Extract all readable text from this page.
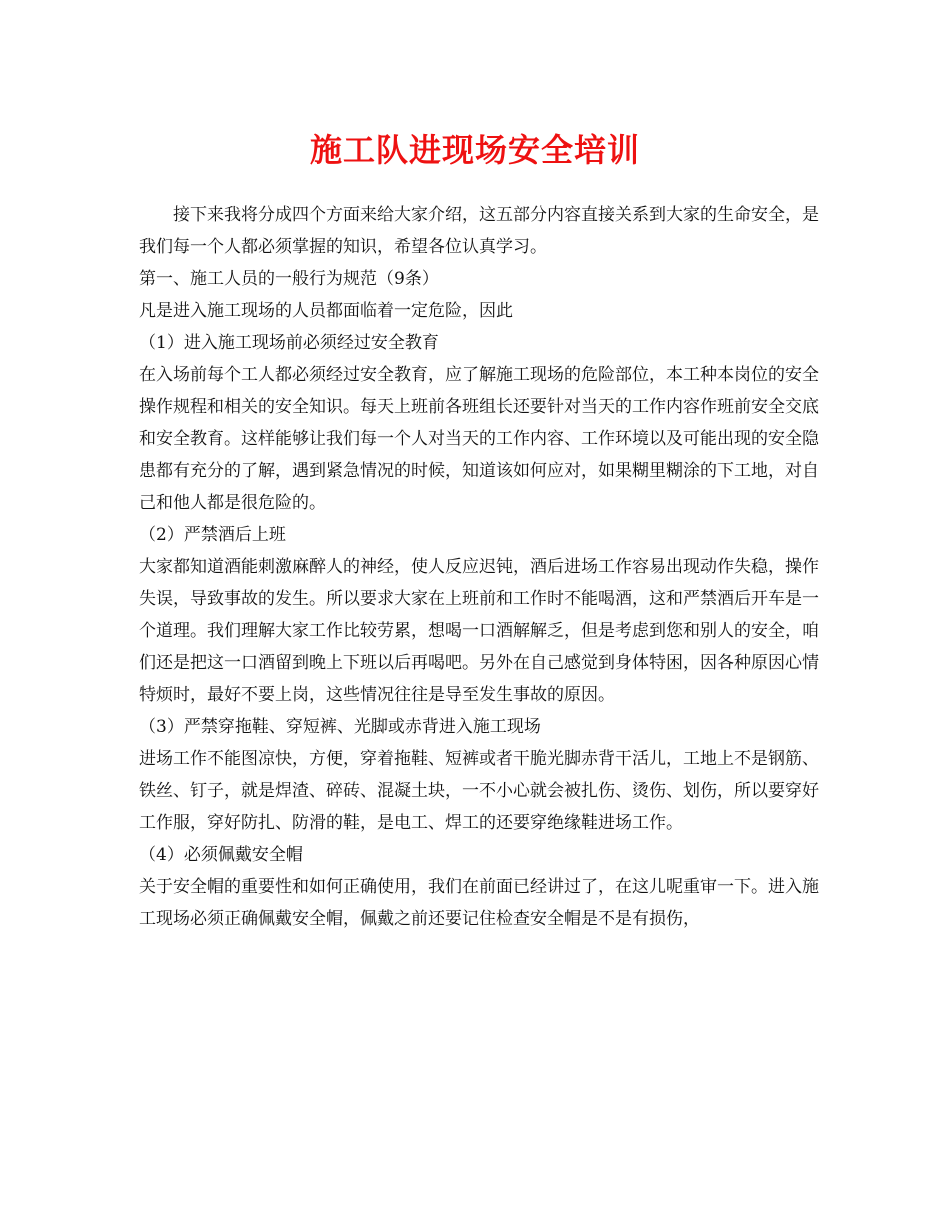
施工队进现场安全培训

接下来我将分成四个方面来给大家介绍，这五部分内容直接关系到大家的生命安全，是我们每一个人都必须掌握的知识，希望各位认真学习。

第一、施工人员的一般行为规范（9条）

凡是进入施工现场的人员都面临着一定危险，因此

（1）进入施工现场前必须经过安全教育

在入场前每个工人都必须经过安全教育，应了解施工现场的危险部位，本工种本岗位的安全操作规程和相关的安全知识。每天上班前各班组长还要针对当天的工作内容作班前安全交底和安全教育。这样能够让我们每一个人对当天的工作内容、工作环境以及可能出现的安全隐患都有充分的了解，遇到紧急情况的时候，知道该如何应对，如果糊里糊涂的下工地，对自己和他人都是很危险的。

（2）严禁酒后上班

大家都知道酒能刺激麻醉人的神经，使人反应迟钝，酒后进场工作容易出现动作失稳，操作失误，导致事故的发生。所以要求大家在上班前和工作时不能喝酒，这和严禁酒后开车是一个道理。我们理解大家工作比较劳累，想喝一口酒解解乏，但是考虑到您和别人的安全，咱们还是把这一口酒留到晚上下班以后再喝吧。另外在自己感觉到身体特困，因各种原因心情特烦时，最好不要上岗，这些情况往往是导至发生事故的原因。

（3）严禁穿拖鞋、穿短裤、光脚或赤背进入施工现场

进场工作不能图凉快，方便，穿着拖鞋、短裤或者干脆光脚赤背干活儿，工地上不是钢筋、铁丝、钉子，就是焊渣、碎砖、混凝土块，一不小心就会被扎伤、烫伤、划伤，所以要穿好工作服，穿好防扎、防滑的鞋，是电工、焊工的还要穿绝缘鞋进场工作。

（4）必须佩戴安全帽

关于安全帽的重要性和如何正确使用，我们在前面已经讲过了，在这儿呢重审一下。进入施工现场必须正确佩戴安全帽，佩戴之前还要记住检查安全帽是不是有损伤，
